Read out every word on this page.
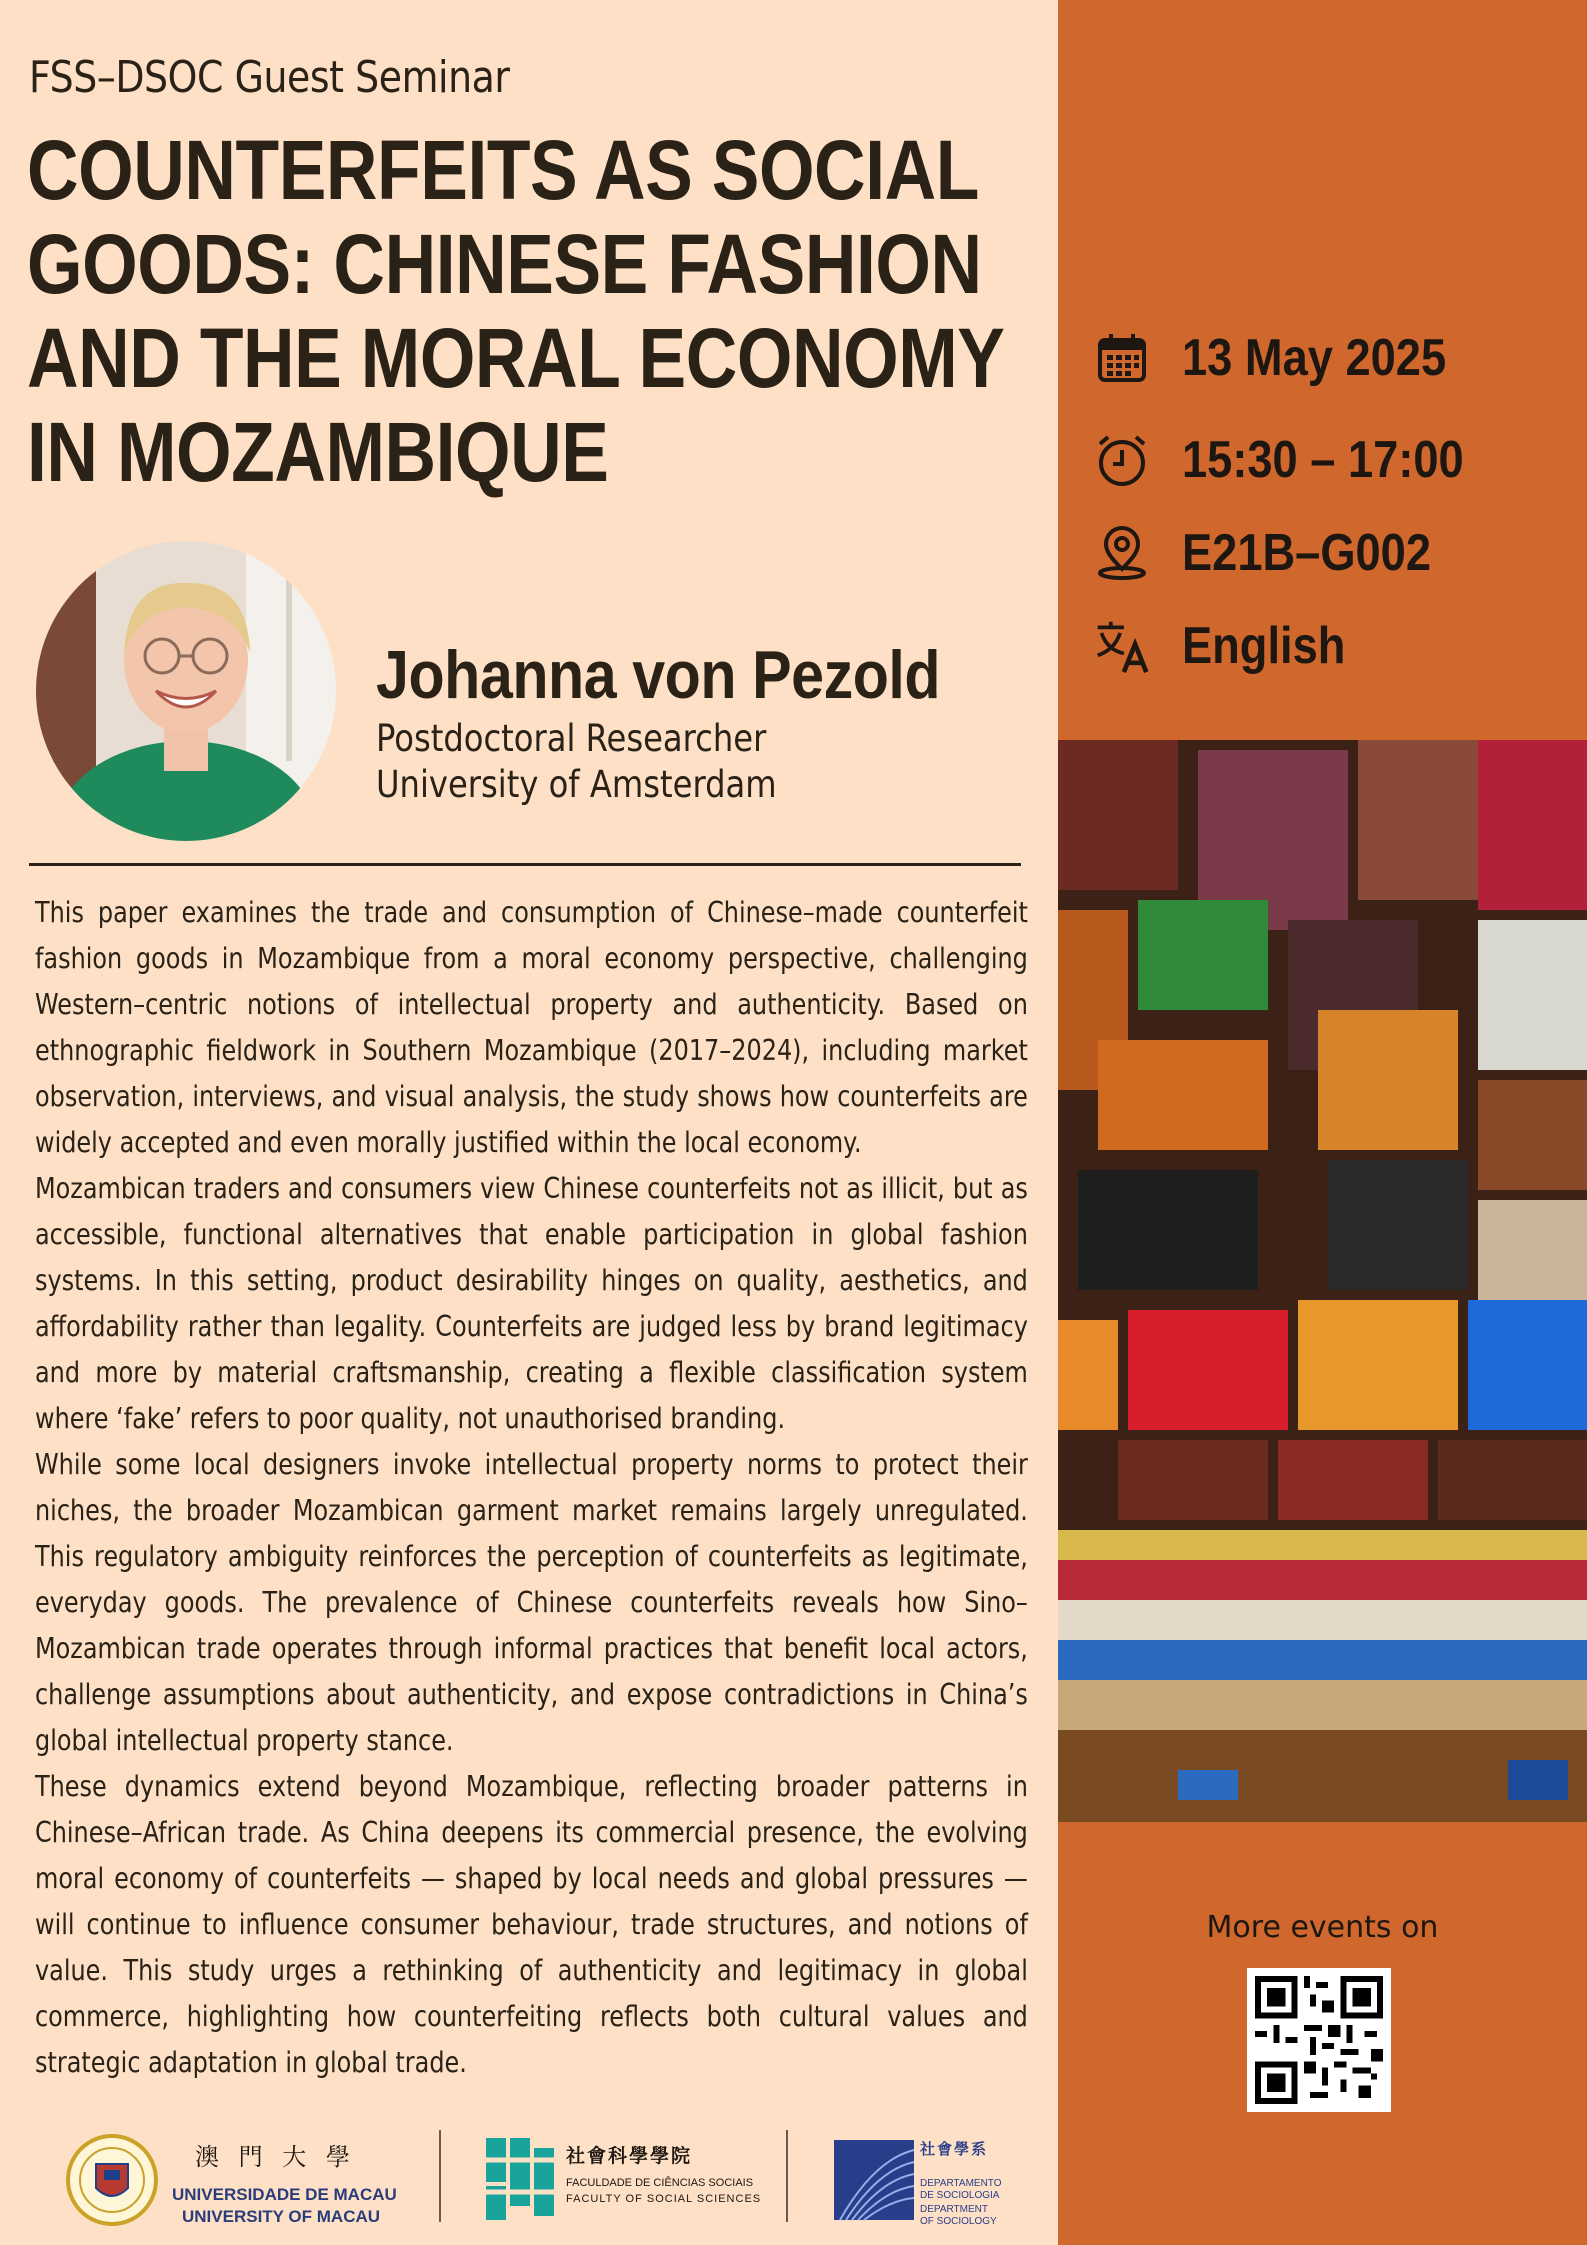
FSS–DSOC Guest Seminar
COUNTERFEITS AS SOCIAL
GOODS: CHINESE FASHION
AND THE MORAL ECONOMY
IN MOZAMBIQUE
Johanna von Pezold
Postdoctoral Researcher
University of Amsterdam

This paper examines the trade and consumption of Chinese–made counterfeit fashion goods in Mozambique from a moral economy perspective, challenging Western–centric notions of intellectual property and authenticity. Based on ethnographic fieldwork in Southern Mozambique (2017–2024), including market observation, interviews, and visual analysis, the study shows how counterfeits are widely accepted and even morally justified within the local economy.

Mozambican traders and consumers view Chinese counterfeits not as illicit, but as accessible, functional alternatives that enable participation in global fashion systems. In this setting, product desirability hinges on quality, aesthetics, and affordability rather than legality. Counterfeits are judged less by brand legitimacy and more by material craftsmanship, creating a flexible classification system where ‘fake’ refers to poor quality, not unauthorised branding.

While some local designers invoke intellectual property norms to protect their niches, the broader Mozambican garment market remains largely unregulated. This regulatory ambiguity reinforces the perception of counterfeits as legitimate, everyday goods. The prevalence of Chinese counterfeits reveals how Sino–Mozambican trade operates through informal practices that benefit local actors, challenge assumptions about authenticity, and expose contradictions in China’s global intellectual property stance.

These dynamics extend beyond Mozambique, reflecting broader patterns in Chinese–African trade. As China deepens its commercial presence, the evolving moral economy of counterfeits — shaped by local needs and global pressures — will continue to influence consumer behaviour, trade structures, and notions of value. This study urges a rethinking of authenticity and legitimacy in global commerce, highlighting how counterfeiting reflects both cultural values and strategic adaptation in global trade.

澳 門 大 學
UNIVERSIDADE DE MACAU
UNIVERSITY OF MACAU
社會科學學院
FACULDADE DE CIÊNCIAS SOCIAIS
FACULTY OF SOCIAL SCIENCES
社會學系
DEPARTAMENTO
DE SOCIOLOGIA
DEPARTMENT
OF SOCIOLOGY
13 May 2025
15:30 – 17:00
E21B–G002
English
More events on
